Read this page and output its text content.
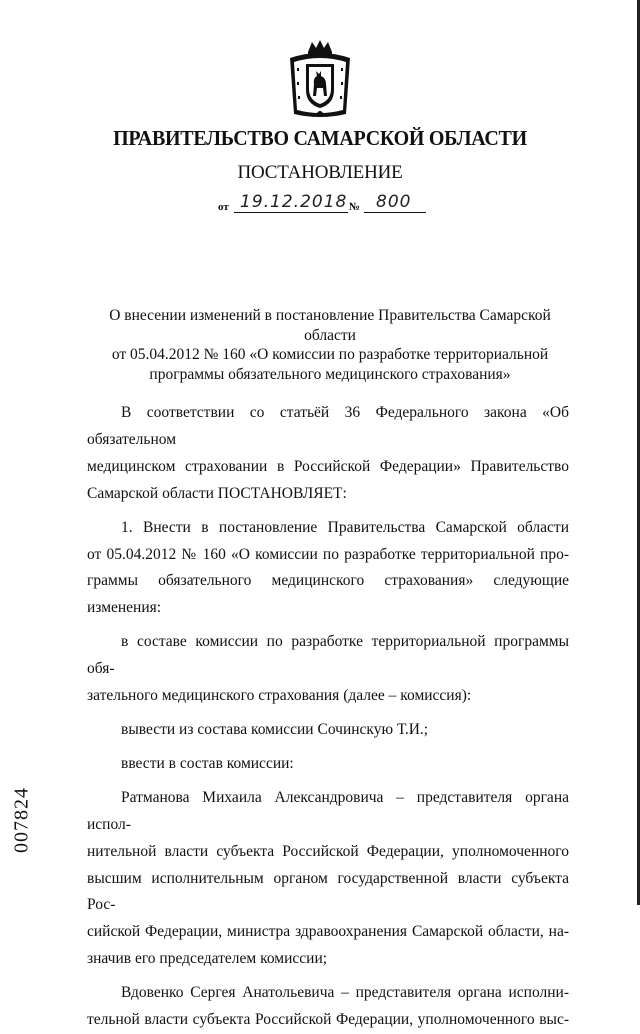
ПРАВИТЕЛЬСТВО САМАРСКОЙ ОБЛАСТИ
ПОСТАНОВЛЕНИЕ
от 19.12.2018 № 800
О внесении изменений в постановление Правительства Самарской области
от 05.04.2012 № 160 «О комиссии по разработке территориальной
программы обязательного медицинского страхования»

В соответствии со статьёй 36 Федерального закона «Об обязательном

медицинском страховании в Российской Федерации» Правительство

Самарской области ПОСТАНОВЛЯЕТ:

1. Внести в постановление Правительства Самарской области

от 05.04.2012 № 160 «О комиссии по разработке территориальной про-

граммы обязательного медицинского страхования» следующие изменения:

в составе комиссии по разработке территориальной программы обя-

зательного медицинского страхования (далее – комиссия):

вывести из состава комиссии Сочинскую Т.И.;

ввести в состав комиссии:

Ратманова Михаила Александровича – представителя органа испол-

нительной власти субъекта Российской Федерации, уполномоченного

высшим исполнительным органом государственной власти субъекта Рос-

сийской Федерации, министра здравоохранения Самарской области, на-

значив его председателем комиссии;

Вдовенко Сергея Анатольевича – представителя органа исполни-

тельной власти субъекта Российской Федерации, уполномоченного выс-

007824
